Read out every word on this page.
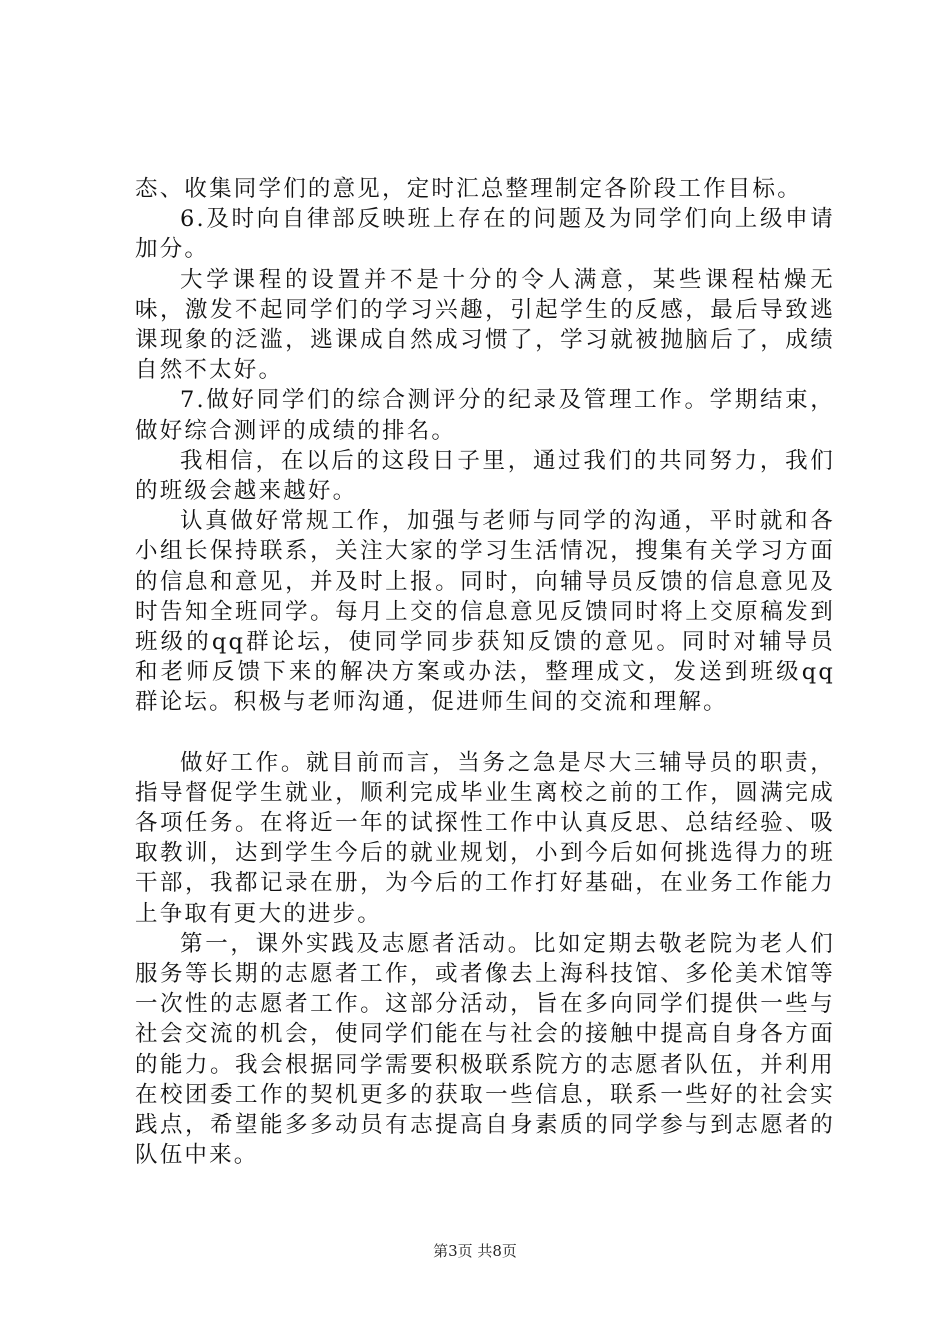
态、收集同学们的意见，定时汇总整理制定各阶段工作目标。

6.及时向自律部反映班上存在的问题及为同学们向上级申请加分。

大学课程的设置并不是十分的令人满意，某些课程枯燥无味，激发不起同学们的学习兴趣，引起学生的反感，最后导致逃课现象的泛滥，逃课成自然成习惯了，学习就被抛脑后了，成绩自然不太好。

7.做好同学们的综合测评分的纪录及管理工作。学期结束，做好综合测评的成绩的排名。

我相信，在以后的这段日子里，通过我们的共同努力，我们的班级会越来越好。

认真做好常规工作，加强与老师与同学的沟通，平时就和各小组长保持联系，关注大家的学习生活情况，搜集有关学习方面的信息和意见，并及时上报。同时，向辅导员反馈的信息意见及时告知全班同学。每月上交的信息意见反馈同时将上交原稿发到班级的qq群论坛，使同学同步获知反馈的意见。同时对辅导员和老师反馈下来的解决方案或办法，整理成文，发送到班级qq群论坛。积极与老师沟通，促进师生间的交流和理解。

做好工作。就目前而言，当务之急是尽大三辅导员的职责，指导督促学生就业，顺利完成毕业生离校之前的工作，圆满完成各项任务。在将近一年的试探性工作中认真反思、总结经验、吸取教训，达到学生今后的就业规划，小到今后如何挑选得力的班干部，我都记录在册，为今后的工作打好基础，在业务工作能力上争取有更大的进步。

第一，课外实践及志愿者活动。比如定期去敬老院为老人们服务等长期的志愿者工作，或者像去上海科技馆、多伦美术馆等一次性的志愿者工作。这部分活动，旨在多向同学们提供一些与社会交流的机会，使同学们能在与社会的接触中提高自身各方面的能力。我会根据同学需要积极联系院方的志愿者队伍，并利用在校团委工作的契机更多的获取一些信息，联系一些好的社会实践点，希望能多多动员有志提高自身素质的同学参与到志愿者的队伍中来。

第3页 共8页
